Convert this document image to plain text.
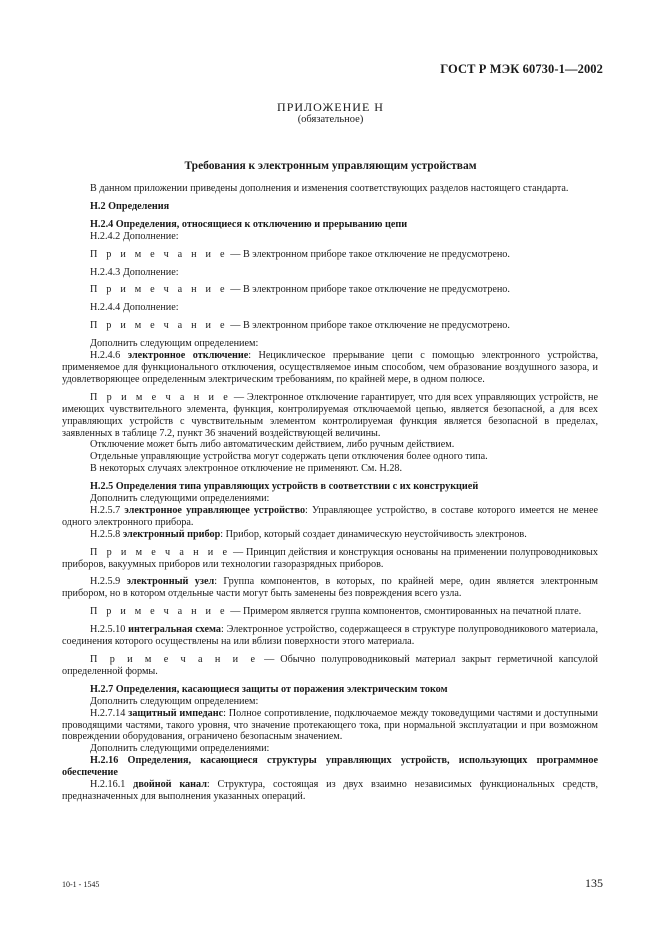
ГОСТ Р МЭК 60730-1—2002
ПРИЛОЖЕНИЕ Н
(обязательное)
Требования к электронным управляющим устройствам

В данном приложении приведены дополнения и изменения соответствующих разделов настоящего стандарта.

Н.2 Определения

Н.2.4 Определения, относящиеся к отключению и прерыванию цепи

Н.2.4.2 Дополнение:

П р и м е ч а н и е — В электронном приборе такое отключение не предусмотрено.

Н.2.4.3 Дополнение:

П р и м е ч а н и е — В электронном приборе такое отключение не предусмотрено.

Н.2.4.4 Дополнение:

П р и м е ч а н и е — В электронном приборе такое отключение не предусмотрено.

Дополнить следующим определением:

Н.2.4.6 электронное отключение: Нециклическое прерывание цепи с помощью электронного устройства, применяемое для функционального отключения, осуществляемое иным способом, чем образование воздушного зазора, и удовлетворяющее определенным электрическим требованиям, по крайней мере, в одном полюсе.

П р и м е ч а н и е — Электронное отключение гарантирует, что для всех управляющих устройств, не имеющих чувствительного элемента, функция, контролируемая отключаемой цепью, является безопасной, а для всех управляющих устройств с чувствительным элементом контролируемая функция является безопасной в пределах, заявленных в таблице 7.2, пункт 36 значений воздействующей величины.

Отключение может быть либо автоматическим действием, либо ручным действием.

Отдельные управляющие устройства могут содержать цепи отключения более одного типа.

В некоторых случаях электронное отключение не применяют. См. Н.28.

Н.2.5 Определения типа управляющих устройств в соответствии с их конструкцией

Дополнить следующими определениями:

Н.2.5.7 электронное управляющее устройство: Управляющее устройство, в составе которого имеется не менее одного электронного прибора.

Н.2.5.8 электронный прибор: Прибор, который создает динамическую неустойчивость электронов.

П р и м е ч а н и е — Принцип действия и конструкция основаны на применении полупроводниковых приборов, вакуумных приборов или технологии газоразрядных приборов.

Н.2.5.9 электронный узел: Группа компонентов, в которых, по крайней мере, один является электронным прибором, но в котором отдельные части могут быть заменены без повреждения всего узла.

П р и м е ч а н и е — Примером является группа компонентов, смонтированных на печатной плате.

Н.2.5.10 интегральная схема: Электронное устройство, содержащееся в структуре полупроводникового материала, соединения которого осуществлены на или вблизи поверхности этого материала.

П р и м е ч а н и е — Обычно полупроводниковый материал закрыт герметичной капсулой определенной формы.

Н.2.7 Определения, касающиеся защиты от поражения электрическим током

Дополнить следующим определением:

Н.2.7.14 защитный импеданс: Полное сопротивление, подключаемое между токоведущими частями и доступными проводящими частями, такого уровня, что значение протекающего тока, при нормальной эксплуатации и при возможном повреждении оборудования, ограничено безопасным значением.

Дополнить следующими определениями:

Н.2.16 Определения, касающиеся структуры управляющих устройств, использующих программное обеспечение

Н.2.16.1 двойной канал: Структура, состоящая из двух взаимно независимых функциональных средств, предназначенных для выполнения указанных операций.

10-1 - 1545	135
